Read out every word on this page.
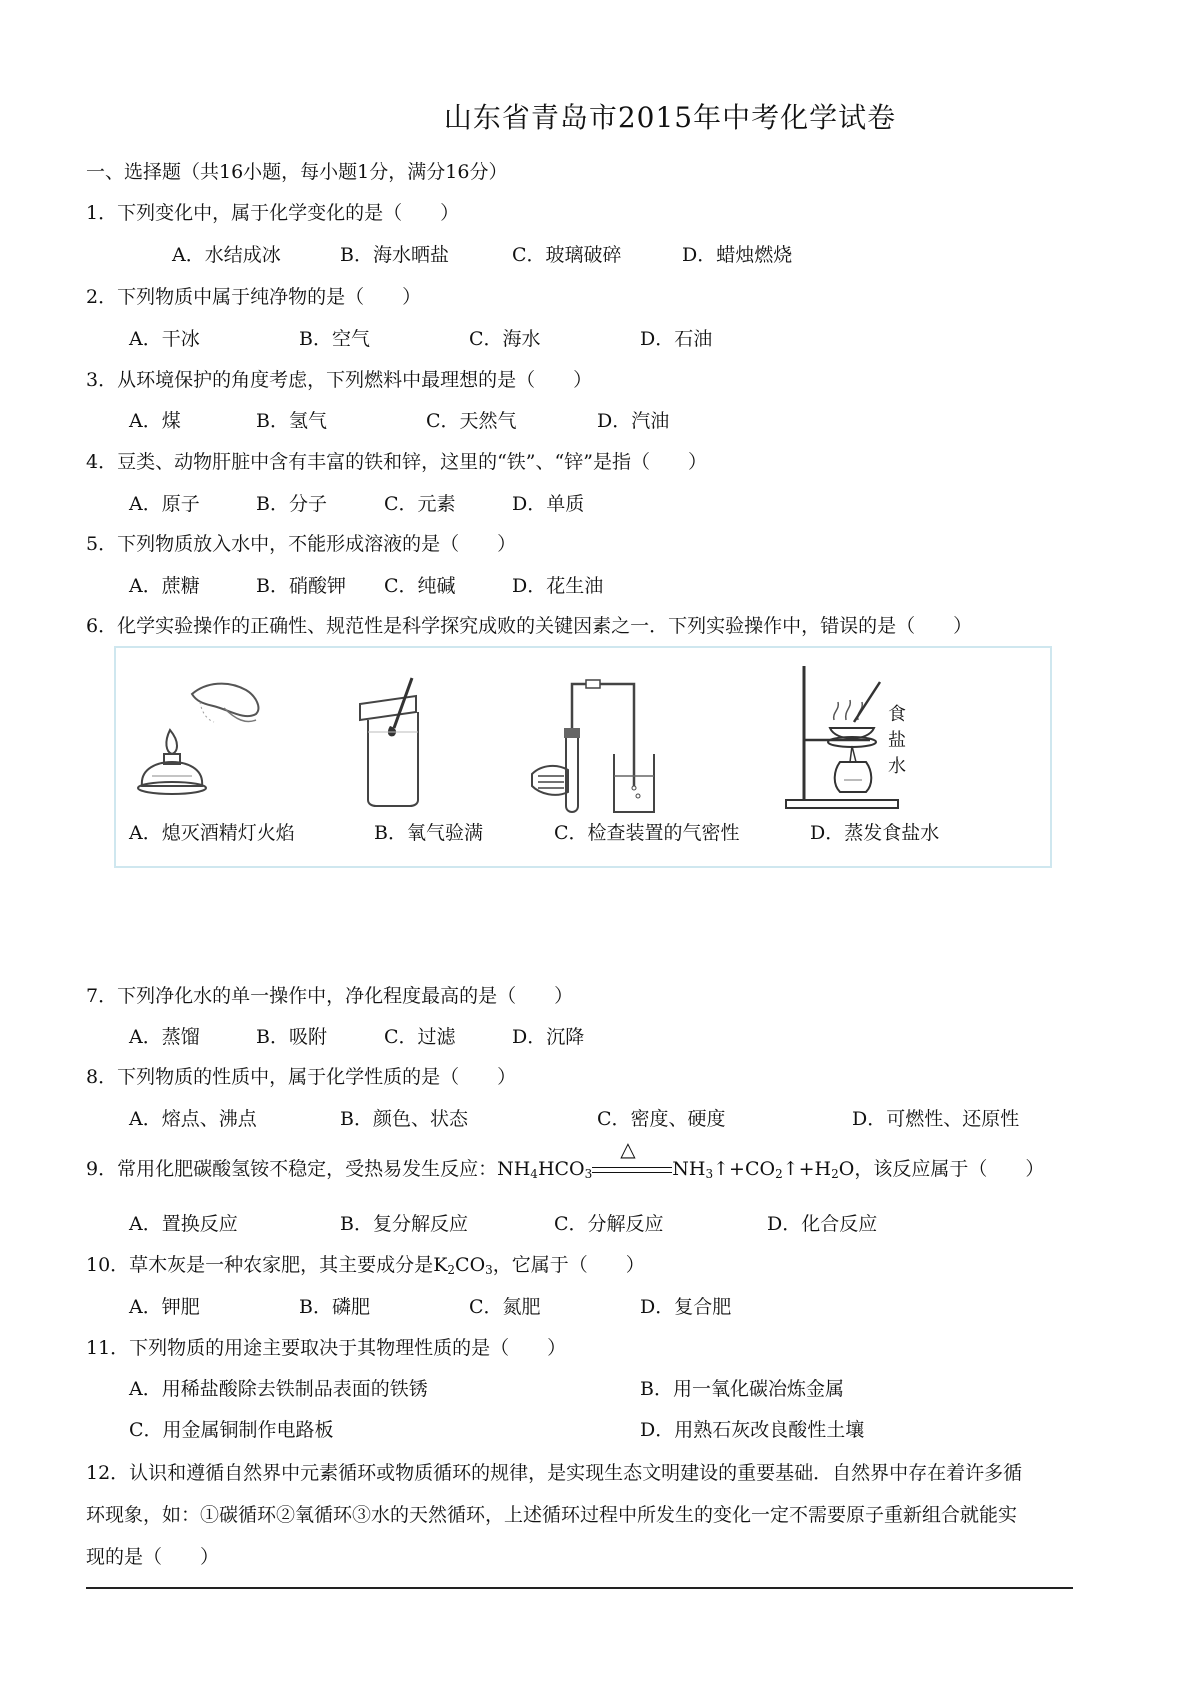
山东省青岛市2015年中考化学试卷
一、选择题（共16小题，每小题1分，满分16分）
1．下列变化中，属于化学变化的是（　　）
A．水结成冰	B．海水晒盐	C．玻璃破碎	D．蜡烛燃烧
2．下列物质中属于纯净物的是（　　）
A．干冰	B．空气	C．海水	D．石油
3．从环境保护的角度考虑，下列燃料中最理想的是（　　）
A．煤	B．氢气	C．天然气	D．汽油
4．豆类、动物肝脏中含有丰富的铁和锌，这里的“铁”、“锌”是指（　　）
A．原子	B．分子	C．元素	D．单质
5．下列物质放入水中，不能形成溶液的是（　　）
A．蔗糖	B．硝酸钾 C．纯碱	D．花生油
6．化学实验操作的正确性、规范性是科学探究成败的关键因素之一．下列实验操作中，错误的是（　　）
食
盐
水
A．熄灭酒精灯火焰	B．氧气验满	C．检查装置的气密性	D．蒸发食盐水
7．下列净化水的单一操作中，净化程度最高的是（　　）
A．蒸馏	B．吸附	C．过滤	D．沉降
8．下列物质的性质中，属于化学性质的是（　　）
A．熔点、沸点	B．颜色、状态	C．密度、硬度	D．可燃性、还原性
9．常用化肥碳酸氢铵不稳定，受热易发生反应：$NH_4HCO_3$
△
$NH_3↑+CO_2↑+H_2O$，该反应属于（　　）
A．置换反应	B．复分解反应	C．分解反应	D．化合反应
10．草木灰是一种农家肥，其主要成分是$K_2CO_3$，它属于（　　）
A．钾肥	B．磷肥	C．氮肥	D．复合肥
11．下列物质的用途主要取决于其物理性质的是（　　）
A．用稀盐酸除去铁制品表面的铁锈	B．用一氧化碳冶炼金属
C．用金属铜制作电路板	D．用熟石灰改良酸性土壤
12．认识和遵循自然界中元素循环或物质循环的规律，是实现生态文明建设的重要基础．自然界中存在着许多循
环现象，如：①碳循环②氧循环③水的天然循环，上述循环过程中所发生的变化一定不需要原子重新组合就能实
现的是（　　）
